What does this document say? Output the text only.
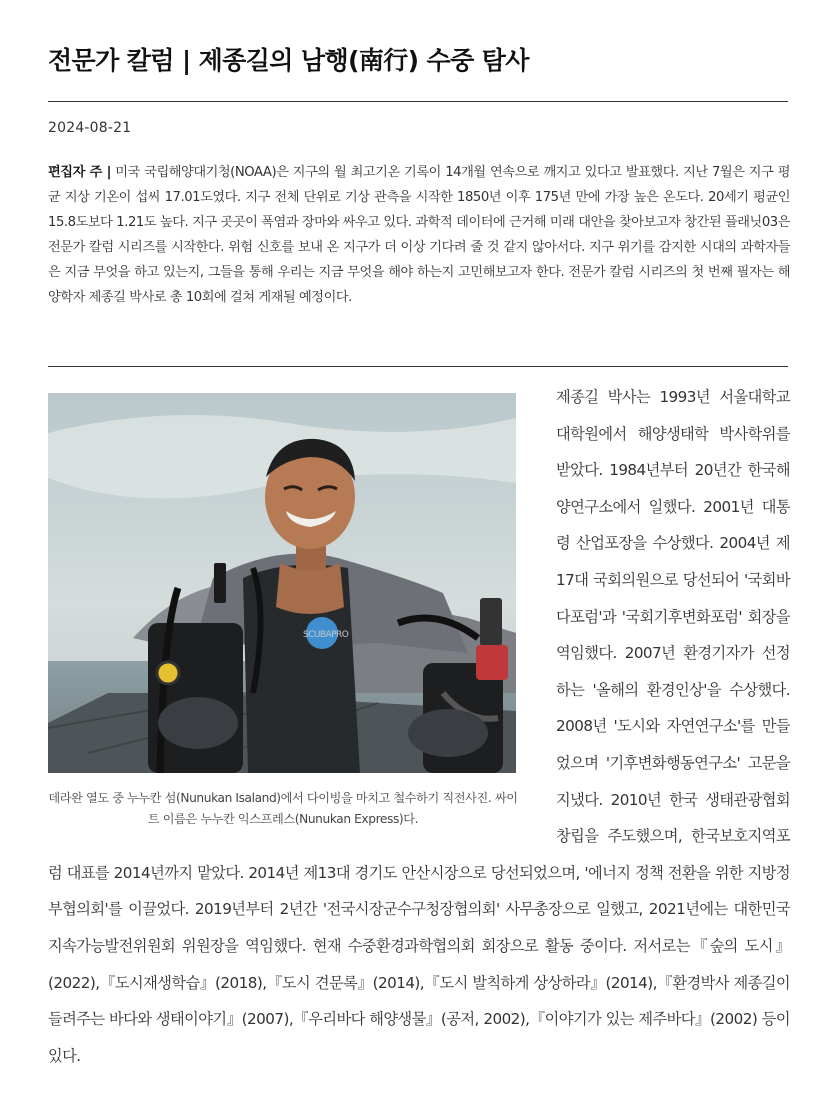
전문가 칼럼 | 제종길의 남행(南行) 수중 탐사
2024-08-21

편집자 주 | 미국 국립해양대기청(NOAA)은 지구의 월 최고기온 기록이 14개월 연속으로 깨지고 있다고 발표했다. 지난 7월은 지구 평균 지상 기온이 섭씨 17.01도였다. 지구 전체 단위로 기상 관측을 시작한 1850년 이후 175년 만에 가장 높은 온도다. 20세기 평균인 15.8도보다 1.21도 높다. 지구 곳곳이 폭염과 장마와 싸우고 있다. 과학적 데이터에 근거해 미래 대안을 찾아보고자 창간된 플래닛03은 전문가 칼럼 시리즈를 시작한다. 위험 신호를 보내 온 지구가 더 이상 기다려 줄 것 같지 않아서다. 지구 위기를 감지한 시대의 과학자들은 지금 무엇을 하고 있는지, 그들을 통해 우리는 지금 무엇을 해야 하는지 고민해보고자 한다. 전문가 칼럼 시리즈의 첫 번째 필자는 해양학자 제종길 박사로 총 10회에 걸쳐 게재될 예정이다.

SCUBAPRO
데라완 열도 중 누누칸 섬(Nunukan Isaland)에서 다이빙을 마치고 철수하기 직전사진. 싸이트 이름은 누누칸 익스프레스(Nunukan Express)다.
제종길 박사는 1993년 서울대학교 대학원에서 해양생태학 박사학위를 받았다. 1984년부터 20년간 한국해양연구소에서 일했다. 2001년 대통령 산업포장을 수상했다. 2004년 제17대 국회의원으로 당선되어 '국회바다포럼'과 '국회기후변화포럼' 회장을 역임했다. 2007년 환경기자가 선정하는 '올해의 환경인상'을 수상했다. 2008년 '도시와 자연연구소'를 만들었으며 '기후변화행동연구소' 고문을 지냈다. 2010년 한국 생태관광협회 창립을 주도했으며, 한국보호지역포럼 대표를 2014년까지 맡았다. 2014년 제13대 경기도 안산시장으로 당선되었으며, '에너지 정책 전환을 위한 지방정부협의회'를 이끌었다. 2019년부터 2년간 '전국시장군수구청장협의회' 사무총장으로 일했고, 2021년에는 대한민국 지속가능발전위원회 위원장을 역임했다. 현재 수중환경과학협의회 회장으로 활동 중이다. 저서로는『숲의 도시』(2022),『도시재생학습』(2018),『도시 견문록』(2014),『도시 발칙하게 상상하라』(2014),『환경박사 제종길이 들려주는 바다와 생태이야기』(2007),『우리바다 해양생물』(공저, 2002),『이야기가 있는 제주바다』(2002) 등이 있다.
